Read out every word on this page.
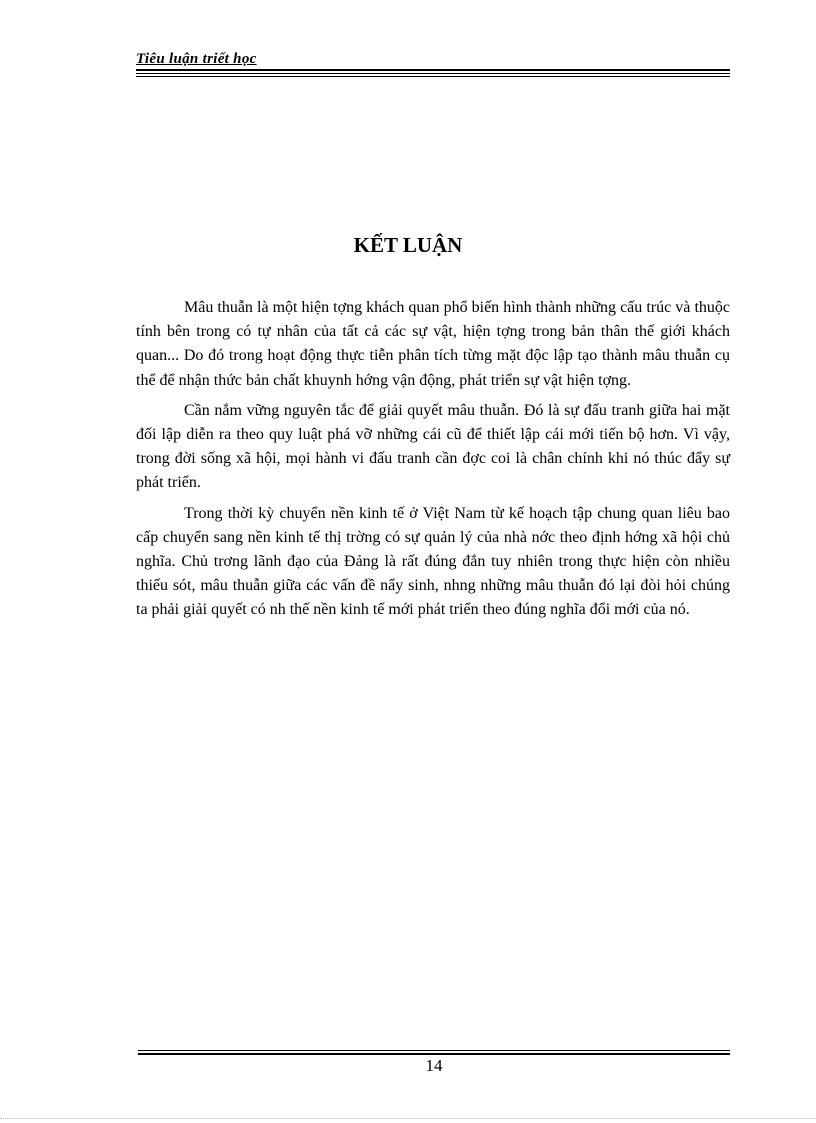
Tiêu luận triết học
KẾT LUẬN

Mâu thuẫn là một hiện tợng khách quan phổ biến hình thành những cấu trúc và thuộc tính bên trong có tự nhân của tất cả các sự vật, hiện tợng trong bản thân thế giới khách quan... Do đó trong hoạt động thực tiễn phân tích từng mặt độc lập tạo thành mâu thuẫn cụ thể để nhận thức bản chất khuynh hớng vận động, phát triển sự vật hiện tợng.

Cần nắm vững nguyên tắc để giải quyết mâu thuẫn. Đó là sự đấu tranh giữa hai mặt đối lập diễn ra theo quy luật phá vỡ những cái cũ để thiết lập cái mới tiến bộ hơn. Vì vậy, trong đời sống xã hội, mọi hành vi đấu tranh cần đợc coi là chân chính khi nó thúc đẩy sự phát triển.

Trong thời kỳ chuyển nền kinh tế ở Việt Nam từ kế hoạch tập chung quan liêu bao cấp chuyển sang nền kinh tế thị trờng có sự quản lý của nhà nớc theo định hớng xã hội chủ nghĩa. Chủ trơng lãnh đạo của Đảng là rất đúng đắn tuy nhiên trong thực hiện còn nhiều thiếu sót, mâu thuẫn giữa các vấn đề nẩy sinh, nhng những mâu thuẫn đó lại đòi hỏi chúng ta phải giải quyết có nh thế nền kinh tế mới phát triển theo đúng nghĩa đổi mới của nó.

14
